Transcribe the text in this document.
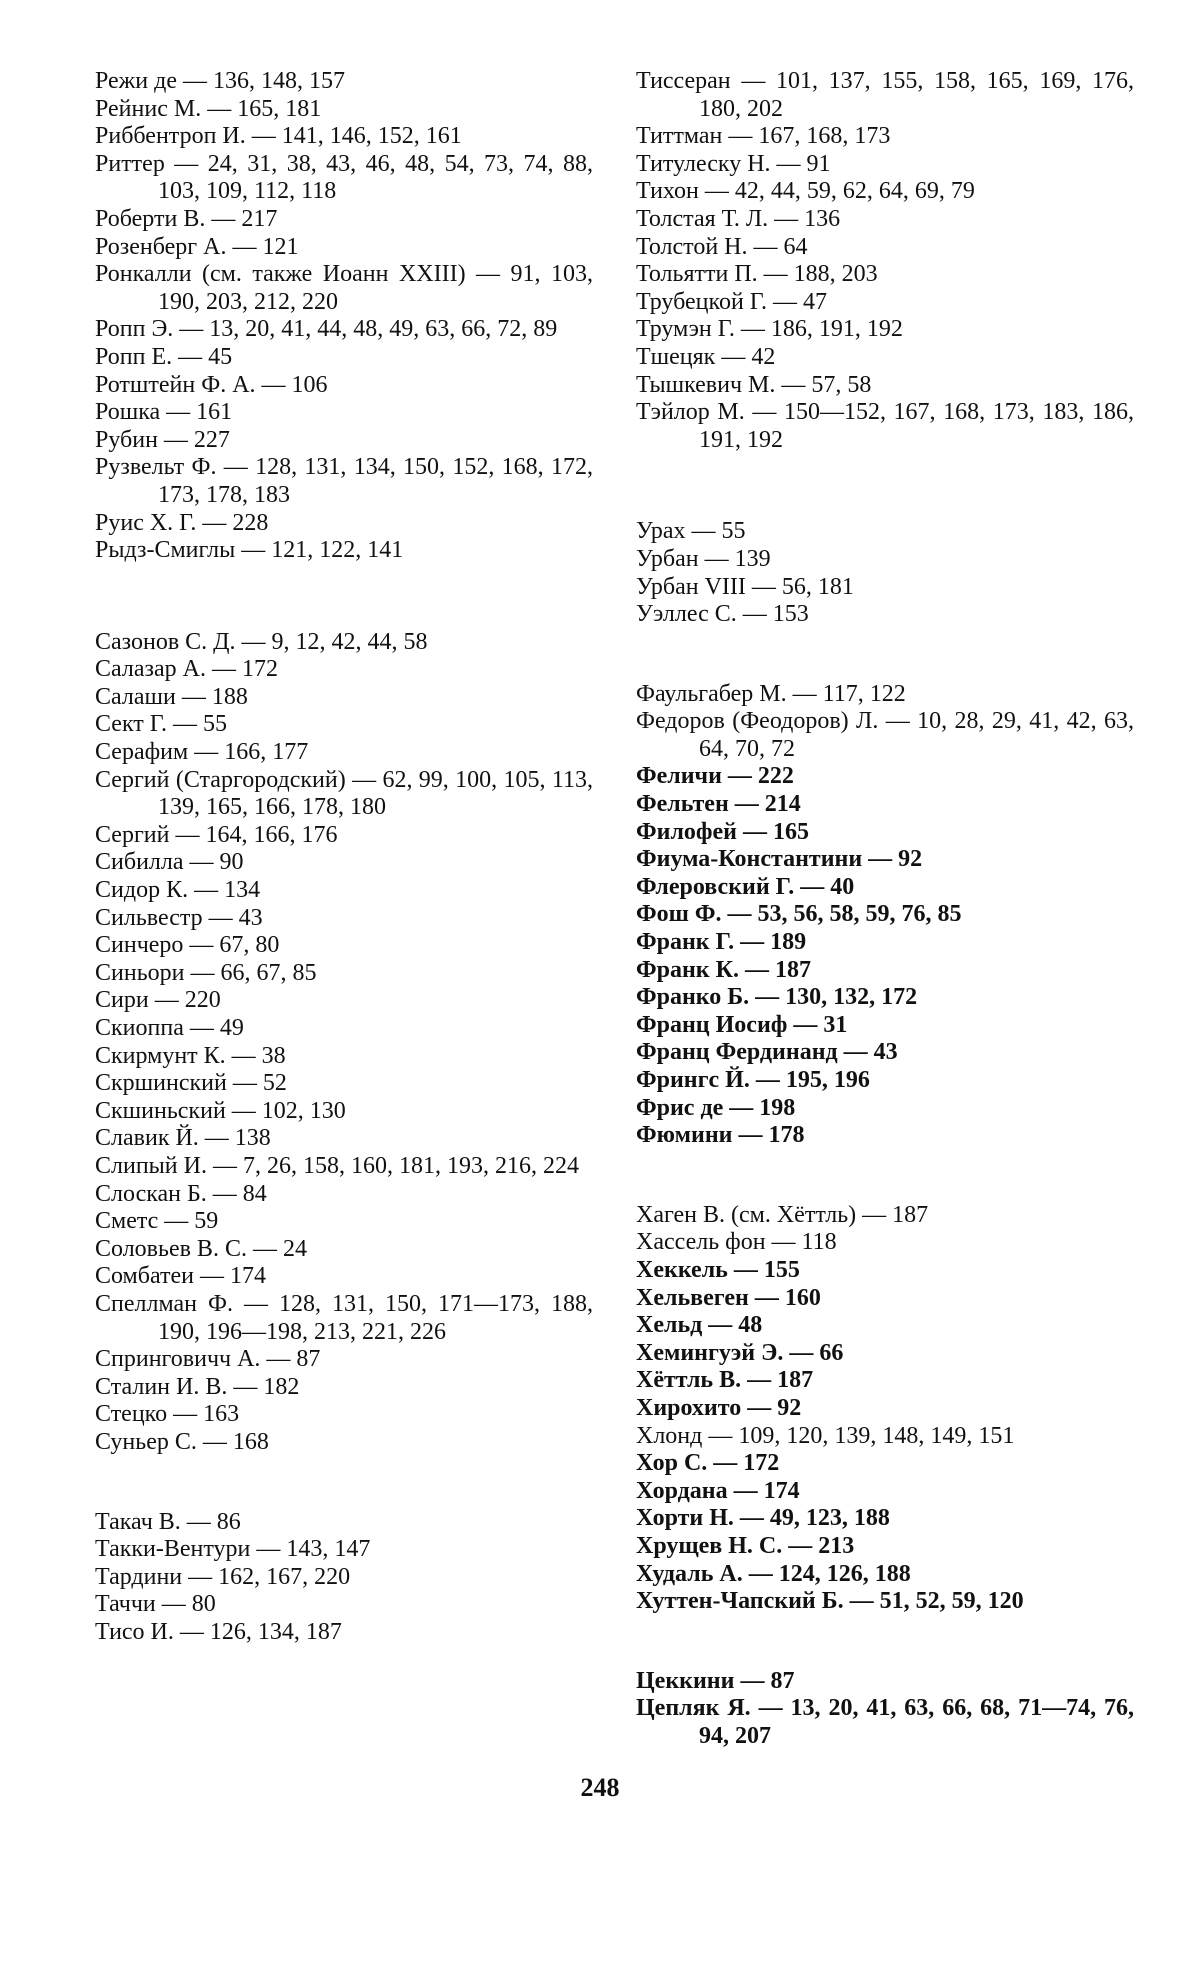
Режи де — 136, 148, 157
Рейнис М. — 165, 181
Риббентроп И. — 141, 146, 152, 161
Риттер — 24, 31, 38, 43, 46, 48, 54, 73, 74, 88, 103, 109, 112, 118
Роберти В. — 217
Розенберг А. — 121
Ронкалли (см. также Иоанн XXIII) — 91, 103, 190, 203, 212, 220
Ропп Э. — 13, 20, 41, 44, 48, 49, 63, 66, 72, 89
Ропп Е. — 45
Ротштейн Ф. А. — 106
Рошка — 161
Рубин — 227
Рузвельт Ф. — 128, 131, 134, 150, 152, 168, 172, 173, 178, 183
Руис Х. Г. — 228
Рыдз-Смиглы — 121, 122, 141
Сазонов С. Д. — 9, 12, 42, 44, 58
Салазар А. — 172
Салаши — 188
Сект Г. — 55
Серафим — 166, 177
Сергий (Старгородский) — 62, 99, 100, 105, 113, 139, 165, 166, 178, 180
Сергий — 164, 166, 176
Сибилла — 90
Сидор К. — 134
Сильвестр — 43
Синчеро — 67, 80
Синьори — 66, 67, 85
Сири — 220
Скиоппа — 49
Скирмунт К. — 38
Скршинский — 52
Скшиньский — 102, 130
Славик Й. — 138
Слипый И. — 7, 26, 158, 160, 181, 193, 216, 224
Слоскан Б. — 84
Сметс — 59
Соловьев В. С. — 24
Сомбатеи — 174
Спеллман Ф. — 128, 131, 150, 171—173, 188, 190, 196—198, 213, 221, 226
Спринговичч А. — 87
Сталин И. В. — 182
Стецко — 163
Суньер С. — 168
Такач В. — 86
Такки-Вентури — 143, 147
Тардини — 162, 167, 220
Таччи — 80
Тисо И. — 126, 134, 187
Тиссеран — 101, 137, 155, 158, 165, 169, 176, 180, 202
Титтман — 167, 168, 173
Титулеску Н. — 91
Тихон — 42, 44, 59, 62, 64, 69, 79
Толстая Т. Л. — 136
Толстой Н. — 64
Тольятти П. — 188, 203
Трубецкой Г. — 47
Трумэн Г. — 186, 191, 192
Тшецяк — 42
Тышкевич М. — 57, 58
Тэйлор М. — 150—152, 167, 168, 173, 183, 186, 191, 192
Урах — 55
Урбан — 139
Урбан VIII — 56, 181
Уэллес С. — 153
Фаульгабер М. — 117, 122
Федоров (Феодоров) Л. — 10, 28, 29, 41, 42, 63, 64, 70, 72
Феличи — 222
Фельтен — 214
Филофей — 165
Фиума-Константини — 92
Флеровский Г. — 40
Фош Ф. — 53, 56, 58, 59, 76, 85
Франк Г. — 189
Франк К. — 187
Франко Б. — 130, 132, 172
Франц Иосиф — 31
Франц Фердинанд — 43
Фрингс Й. — 195, 196
Фрис де — 198
Фюмини — 178
Хаген В. (см. Хёттль) — 187
Хассель фон — 118
Хеккель — 155
Хельвеген — 160
Хельд — 48
Хемингуэй Э. — 66
Хёттль В. — 187
Хирохито — 92
Хлонд — 109, 120, 139, 148, 149, 151
Хор С. — 172
Хордана — 174
Хорти Н. — 49, 123, 188
Хрущев Н. С. — 213
Худаль А. — 124, 126, 188
Хуттен-Чапский Б. — 51, 52, 59, 120
Цеккини — 87
Цепляк Я. — 13, 20, 41, 63, 66, 68, 71—74, 76, 94, 207
248
